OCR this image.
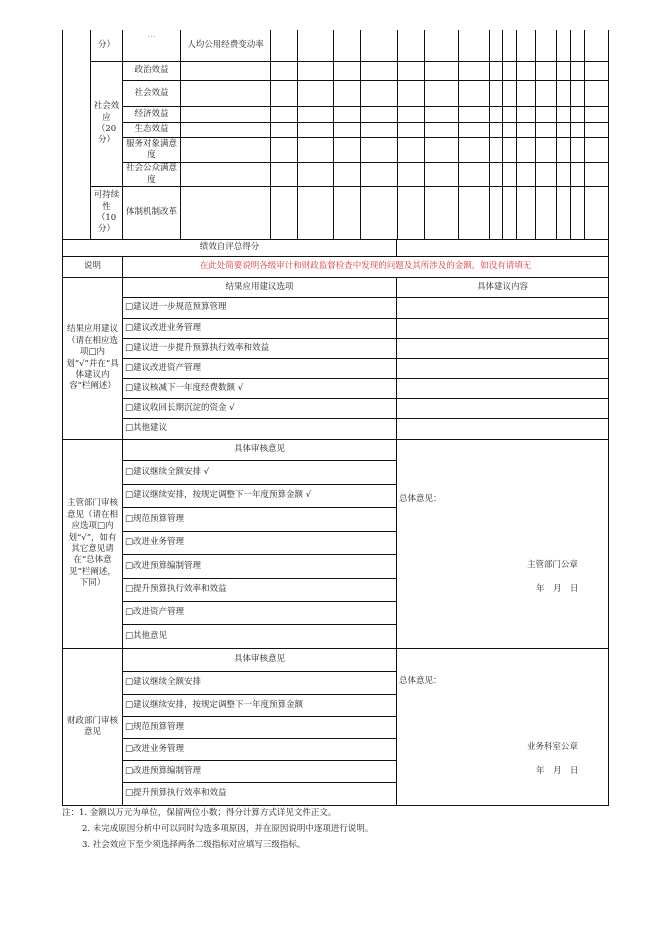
分）
…
社会效应（20分）
可持续性（10分）
政治效益
社会效益
经济效益
生态效益
服务对象满意度
社会公众满意度
体制机制改革
人均公用经费变动率
绩效自评总得分
说明	在此处简要说明各级审计和财政监督检查中发现的问题及其所涉及的金额，如没有请填无
结果应用建议（请在相应选项□内划“√”并在“具体建议内容”栏阐述）
结果应用建议选项	具体建议内容
□建议进一步规范预算管理
□建议改进业务管理
□建议进一步提升预算执行效率和效益
□建议改进资产管理
□建议核减下一年度经费数额 √
□建议收回长期沉淀的资金 √
□其他建议
主管部门审核意见（请在相应选项□内划“√”，如有其它意见请在“总体意见”栏阐述，下同）
具体审核意见
总体意见：
主管部门公章
年　月　日
□建议继续全额安排 √
□建议继续安排，按规定调整下一年度预算金额 √
□规范预算管理
□改进业务管理
□改进预算编制管理
□提升预算执行效率和效益
□改进资产管理
□其他意见
财政部门审核意见
具体审核意见
总体意见：
业务科室公章
年　月　日
□建议继续全额安排
□建议继续安排，按规定调整下一年度预算金额
□规范预算管理
□改进业务管理
□改进预算编制管理
□提升预算执行效率和效益
注：1. 金额以万元为单位，保留两位小数；得分计算方式详见文件正文。
2. 未完成原因分析中可以同时勾选多项原因，并在原因说明中逐项进行说明。
3. 社会效应下至少须选择两条二级指标对应填写三级指标。
